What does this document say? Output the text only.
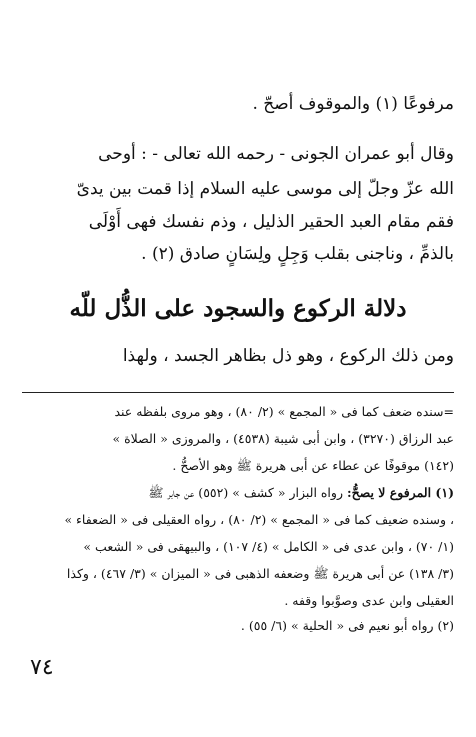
مرفوعًا (١) والموقوف أصحّ .
وقال أبو عمران الجونى - رحمه الله تعالى - : أوحى
الله عزّ وجلّ إلى موسى عليه السلام إذا قمت بين يدىّ
فقم مقام العبد الحقير الذليل ، وذم نفسك فهى أَوْلَى
بالذمِّ ، وناجنى بقلب وَجِلٍ ولِسَانٍ صادق (٢) .
دلالة الركوع والسجود على الذُّل للّه
ومن ذلك الركوع ، وهو ذل بظاهر الجسد ، ولهذا
=سنده ضعف كما فى « المجمع » (٢/ ٨٠) ، وهو مروى بلفظه عند
عبد الرزاق (٣٢٧٠) ، وابن أبى شيبة (٤٥٣٨) ، والمروزى « الصلاة »
(١٤٢) موقوفًا عن عطاء عن أبى هريرة ﷺ وهو الأصحُّ .
(١) المرفوع لا يصحُّ: رواه البزار « كشف » (٥٥٢) عن جابر ﷺ
، وسنده ضعيف كما فى « المجمع » (٢/ ٨٠) ، رواه العقيلى فى « الضعفاء »
(١/ ٧٠) ، وابن عدى فى « الكامل » (٤/ ١٠٧) ، والبيهقى فى « الشعب »
(٣/ ١٣٨) عن أبى هريرة ﷺ وضعفه الذهبى فى « الميزان » (٣/ ٤٦٧) ، وكذا
العقيلى وابن عدى وصوَّبوا وقفه .
(٢) رواه أبو نعيم فى « الحلية » (٦/ ٥٥) .
٧٤
